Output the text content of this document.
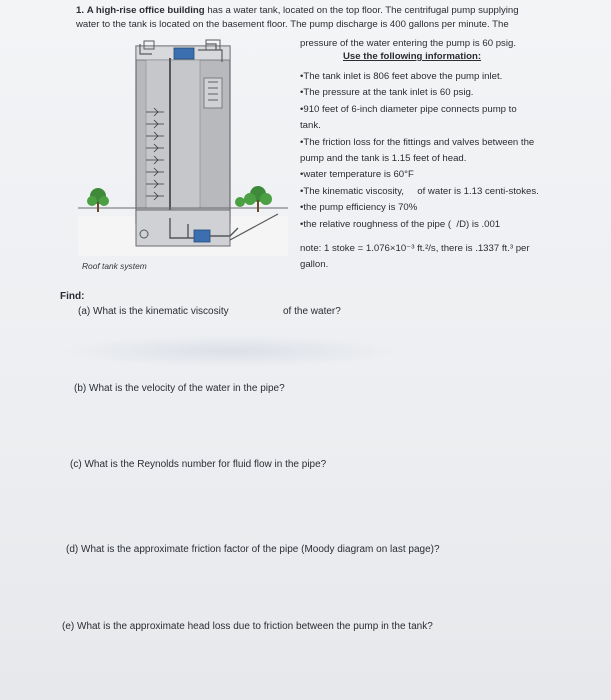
1. A high-rise office building has a water tank, located on the top floor. The centrifugal pump supplying
water to the tank is located on the basement floor. The pump discharge is 400 gallons per minute. The
pressure of the water entering the pump is 60 psig.
Use the following information:
•The tank inlet is 806 feet above the pump inlet.
•The pressure at the tank inlet is 60 psig.
•910 feet of 6-inch diameter pipe connects pump to
tank.
•The friction loss for the fittings and valves between the
pump and the tank is 1.15 feet of head.
•water temperature is 60°F
•The kinematic viscosity,     of water is 1.13 centi-stokes.
•the pump efficiency is 70%
•the relative roughness of the pipe (  /D) is .001
note: 1 stoke = 1.076×10⁻³ ft.²/s, there is .1337 ft.³ per
gallon.
Roof tank system
Find:
(a) What is the kinematic viscosity	of the water?
(b) What is the velocity of the water in the pipe?
(c) What is the Reynolds number for fluid flow in the pipe?
(d) What is the approximate friction factor of the pipe (Moody diagram on last page)?
(e) What is the approximate head loss due to friction between the pump in the tank?
